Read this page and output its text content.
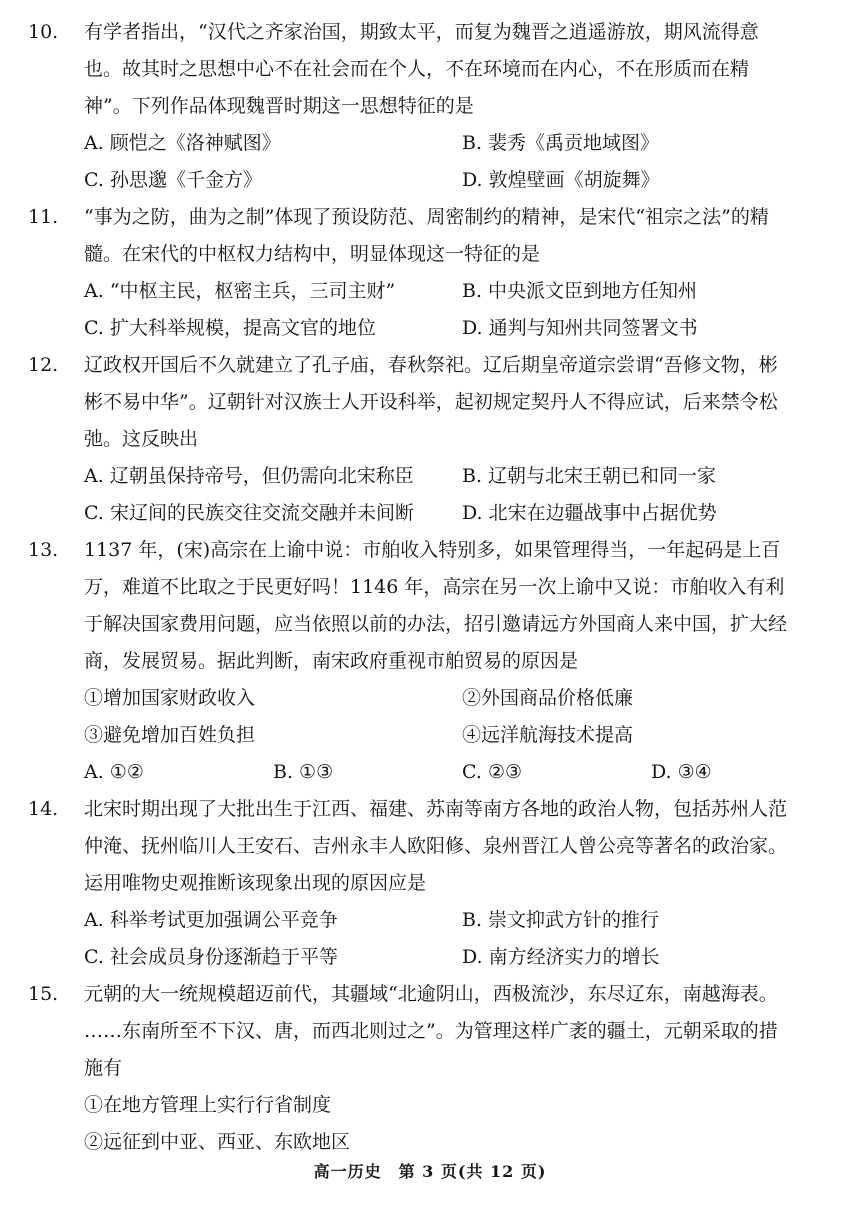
10. 有学者指出，“汉代之齐家治国，期致太平，而复为魏晋之逍遥游放，期风流得意
也。故其时之思想中心不在社会而在个人，不在环境而在内心，不在形质而在精
神”。下列作品体现魏晋时期这一思想特征的是
A. 顾恺之《洛神赋图》	B. 裴秀《禹贡地域图》
C. 孙思邈《千金方》	D. 敦煌壁画《胡旋舞》
11. “事为之防，曲为之制”体现了预设防范、周密制约的精神，是宋代“祖宗之法”的精
髓。在宋代的中枢权力结构中，明显体现这一特征的是
A. “中枢主民，枢密主兵，三司主财”	B. 中央派文臣到地方任知州
C. 扩大科举规模，提高文官的地位	D. 通判与知州共同签署文书
12. 辽政权开国后不久就建立了孔子庙，春秋祭祀。辽后期皇帝道宗尝谓“吾修文物，彬
彬不易中华”。辽朝针对汉族士人开设科举，起初规定契丹人不得应试，后来禁令松
弛。这反映出
A. 辽朝虽保持帝号，但仍需向北宋称臣	B. 辽朝与北宋王朝已和同一家
C. 宋辽间的民族交往交流交融并未间断	D. 北宋在边疆战事中占据优势
13. 1137 年，(宋)高宗在上谕中说：市舶收入特别多，如果管理得当，一年起码是上百
万，难道不比取之于民更好吗！1146 年，高宗在另一次上谕中又说：市舶收入有利
于解决国家费用问题，应当依照以前的办法，招引邀请远方外国商人来中国，扩大经
商，发展贸易。据此判断，南宋政府重视市舶贸易的原因是
①增加国家财政收入	②外国商品价格低廉
③避免增加百姓负担	④远洋航海技术提高
A. ①②	B. ①③	C. ②③	D. ③④
14. 北宋时期出现了大批出生于江西、福建、苏南等南方各地的政治人物，包括苏州人范
仲淹、抚州临川人王安石、吉州永丰人欧阳修、泉州晋江人曾公亮等著名的政治家。
运用唯物史观推断该现象出现的原因应是
A. 科举考试更加强调公平竞争	B. 崇文抑武方针的推行
C. 社会成员身份逐渐趋于平等	D. 南方经济实力的增长
15. 元朝的大一统规模超迈前代，其疆域“北逾阴山，西极流沙，东尽辽东，南越海表。
……东南所至不下汉、唐，而西北则过之”。为管理这样广袤的疆土，元朝采取的措
施有
①在地方管理上实行行省制度
②远征到中亚、西亚、东欧地区
高一历史　第 3 页(共 12 页)
